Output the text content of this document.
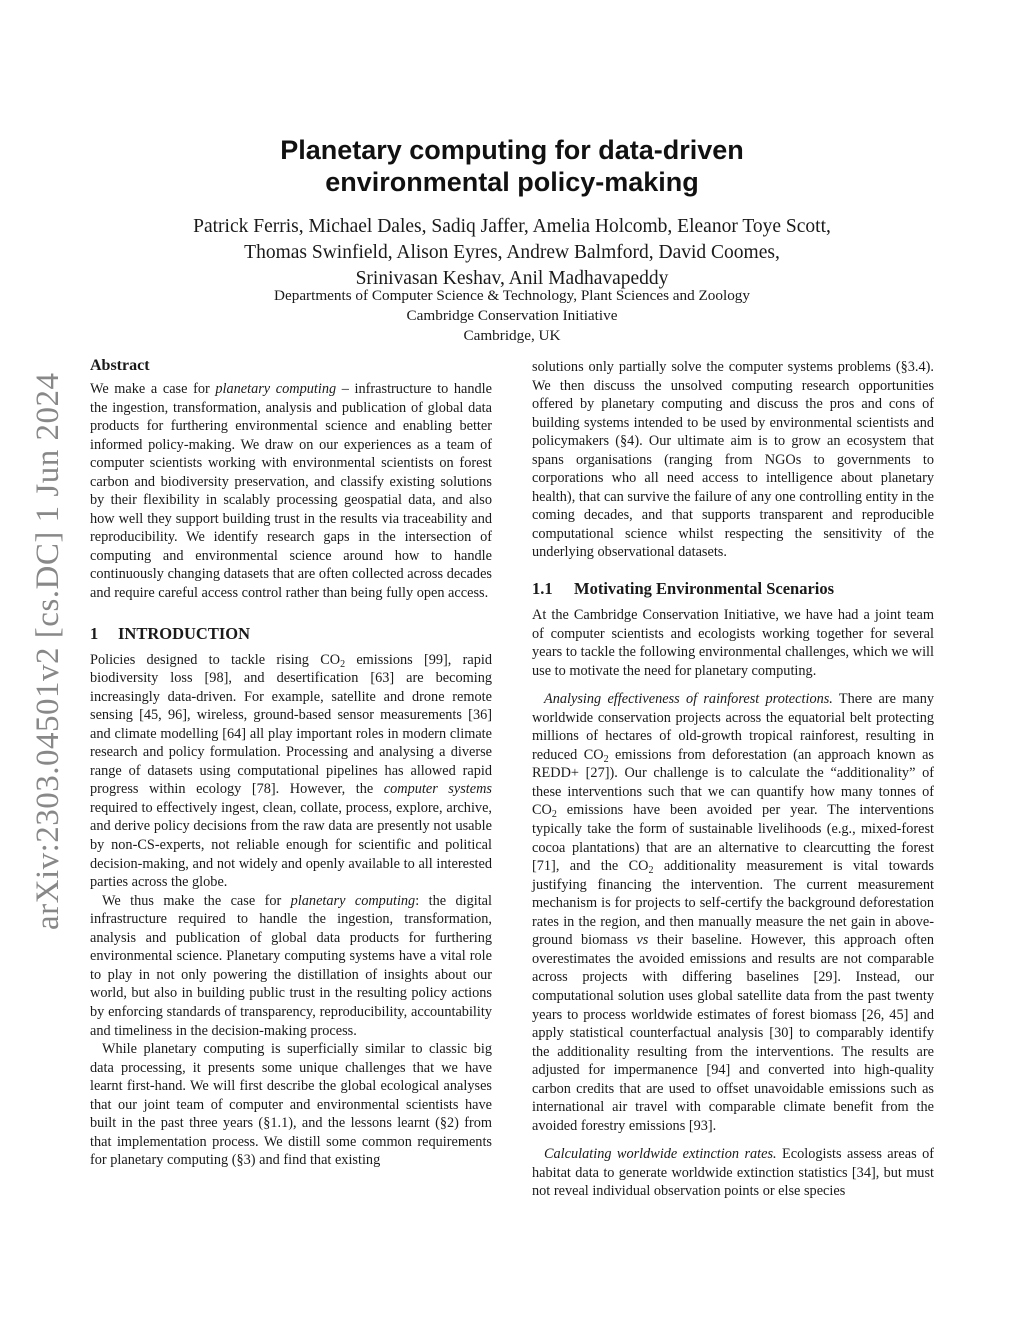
arXiv:2303.04501v2 [cs.DC] 1 Jun 2024
Planetary computing for data-driven
environmental policy-making
Patrick Ferris, Michael Dales, Sadiq Jaffer, Amelia Holcomb, Eleanor Toye Scott,
Thomas Swinfield, Alison Eyres, Andrew Balmford, David Coomes,
Srinivasan Keshav, Anil Madhavapeddy
Departments of Computer Science & Technology, Plant Sciences and Zoology
Cambridge Conservation Initiative
Cambridge, UK
Abstract

We make a case for planetary computing – infrastructure to handle the ingestion, transformation, analysis and publication of global data products for furthering environmental science and enabling better informed policy-making. We draw on our experiences as a team of computer scientists working with environmental scientists on forest carbon and biodiversity preservation, and classify existing solutions by their flexibility in scalably processing geospatial data, and also how well they support building trust in the results via traceability and reproducibility. We identify research gaps in the intersection of computing and environmental science around how to handle continuously changing datasets that are often collected across decades and require careful access control rather than being fully open access.

1 INTRODUCTION

Policies designed to tackle rising $CO_2$ emissions [99], rapid biodiversity loss [98], and desertification [63] are becoming increasingly data-driven. For example, satellite and drone remote sensing [45, 96], wireless, ground-based sensor measurements [36] and climate modelling [64] all play important roles in modern climate research and policy formulation. Processing and analysing a diverse range of datasets using computational pipelines has allowed rapid progress within ecology [78]. However, the computer systems required to effectively ingest, clean, collate, process, explore, archive, and derive policy decisions from the raw data are presently not usable by non-CS-experts, not reliable enough for scientific and political decision-making, and not widely and openly available to all interested parties across the globe.

We thus make the case for planetary computing: the digital infrastructure required to handle the ingestion, transformation, analysis and publication of global data products for furthering environmental science. Planetary computing systems have a vital role to play in not only powering the distillation of insights about our world, but also in building public trust in the resulting policy actions by enforcing standards of transparency, reproducibility, accountability and timeliness in the decision-making process.

While planetary computing is superficially similar to classic big data processing, it presents some unique challenges that we have learnt first-hand. We will first describe the global ecological analyses that our joint team of computer and environmental scientists have built in the past three years (§1.1), and the lessons learnt (§2) from that implementation process. We distill some common requirements for planetary computing (§3) and find that existing

solutions only partially solve the computer systems problems (§3.4). We then discuss the unsolved computing research opportunities offered by planetary computing and discuss the pros and cons of building systems intended to be used by environmental scientists and policymakers (§4). Our ultimate aim is to grow an ecosystem that spans organisations (ranging from NGOs to governments to corporations who all need access to intelligence about planetary health), that can survive the failure of any one controlling entity in the coming decades, and that supports transparent and reproducible computational science whilst respecting the sensitivity of the underlying observational datasets.

1.1 Motivating Environmental Scenarios

At the Cambridge Conservation Initiative, we have had a joint team of computer scientists and ecologists working together for several years to tackle the following environmental challenges, which we will use to motivate the need for planetary computing.

Analysing effectiveness of rainforest protections. There are many worldwide conservation projects across the equatorial belt protecting millions of hectares of old-growth tropical rainforest, resulting in reduced $CO_2$ emissions from deforestation (an approach known as REDD+ [27]). Our challenge is to calculate the “additionality” of these interventions such that we can quantify how many tonnes of $CO_2$ emissions have been avoided per year. The interventions typically take the form of sustainable livelihoods (e.g., mixed-forest cocoa plantations) that are an alternative to clearcutting the forest [71], and the $CO_2$ additionality measurement is vital towards justifying financing the intervention. The current measurement mechanism is for projects to self-certify the background deforestation rates in the region, and then manually measure the net gain in above-ground biomass vs their baseline. However, this approach often overestimates the avoided emissions and results are not comparable across projects with differing baselines [29]. Instead, our computational solution uses global satellite data from the past twenty years to process worldwide estimates of forest biomass [26, 45] and apply statistical counterfactual analysis [30] to comparably identify the additionality resulting from the interventions. The results are adjusted for impermanence [94] and converted into high-quality carbon credits that are used to offset unavoidable emissions such as international air travel with comparable climate benefit from the avoided forestry emissions [93].

Calculating worldwide extinction rates. Ecologists assess areas of habitat data to generate worldwide extinction statistics [34], but must not reveal individual observation points or else species
